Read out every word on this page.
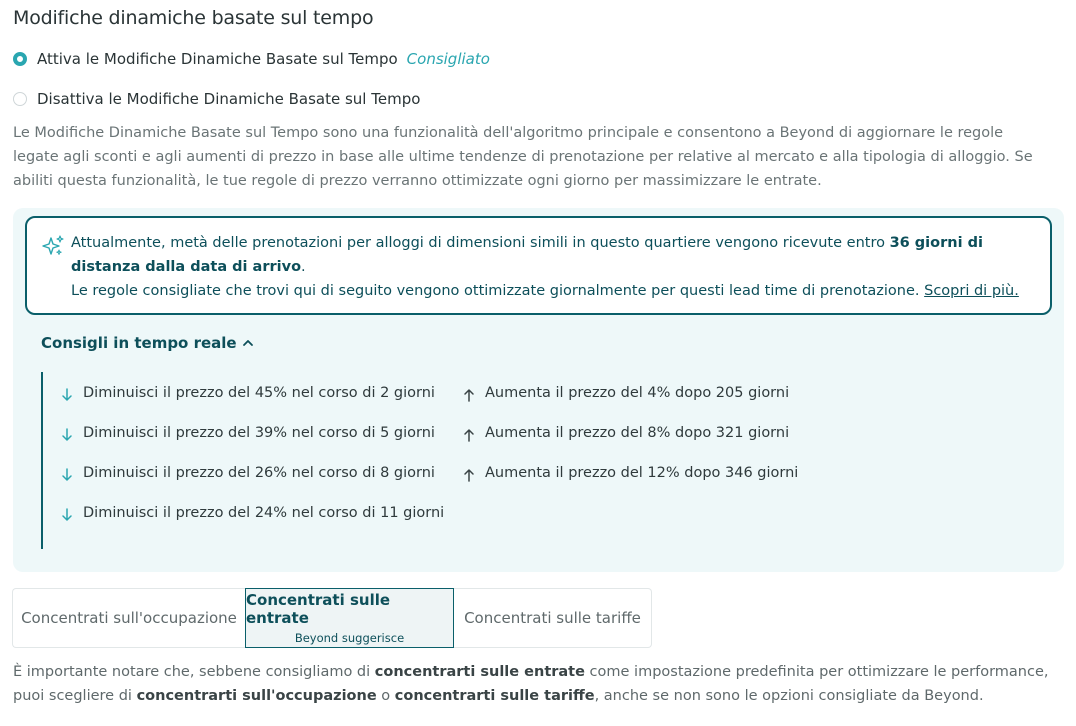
Modifiche dinamiche basate sul tempo
Attiva le Modifiche Dinamiche Basate sul Tempo Consigliato
Disattiva le Modifiche Dinamiche Basate sul Tempo
Le Modifiche Dinamiche Basate sul Tempo sono una funzionalità dell'algoritmo principale e consentono a Beyond di aggiornare le regole legate agli sconti e agli aumenti di prezzo in base alle ultime tendenze di prenotazione per relative al mercato e alla tipologia di alloggio. Se abiliti questa funzionalità, le tue regole di prezzo verranno ottimizzate ogni giorno per massimizzare le entrate.
Attualmente, metà delle prenotazioni per alloggi di dimensioni simili in questo quartiere vengono ricevute entro 36 giorni di distanza dalla data di arrivo.
Le regole consigliate che trovi qui di seguito vengono ottimizzate giornalmente per questi lead time di prenotazione. Scopri di più.
Consigli in tempo reale
Diminuisci il prezzo del 45% nel corso di 2 giorni
Diminuisci il prezzo del 39% nel corso di 5 giorni
Diminuisci il prezzo del 26% nel corso di 8 giorni
Diminuisci il prezzo del 24% nel corso di 11 giorni
Aumenta il prezzo del 4% dopo 205 giorni
Aumenta il prezzo del 8% dopo 321 giorni
Aumenta il prezzo del 12% dopo 346 giorni
Concentrati sull'occupazione
Concentrati sulle entrate
Beyond suggerisce
Concentrati sulle tariffe
È importante notare che, sebbene consigliamo di concentrarti sulle entrate come impostazione predefinita per ottimizzare le performance, puoi scegliere di concentrarti sull'occupazione o concentrarti sulle tariffe, anche se non sono le opzioni consigliate da Beyond.
